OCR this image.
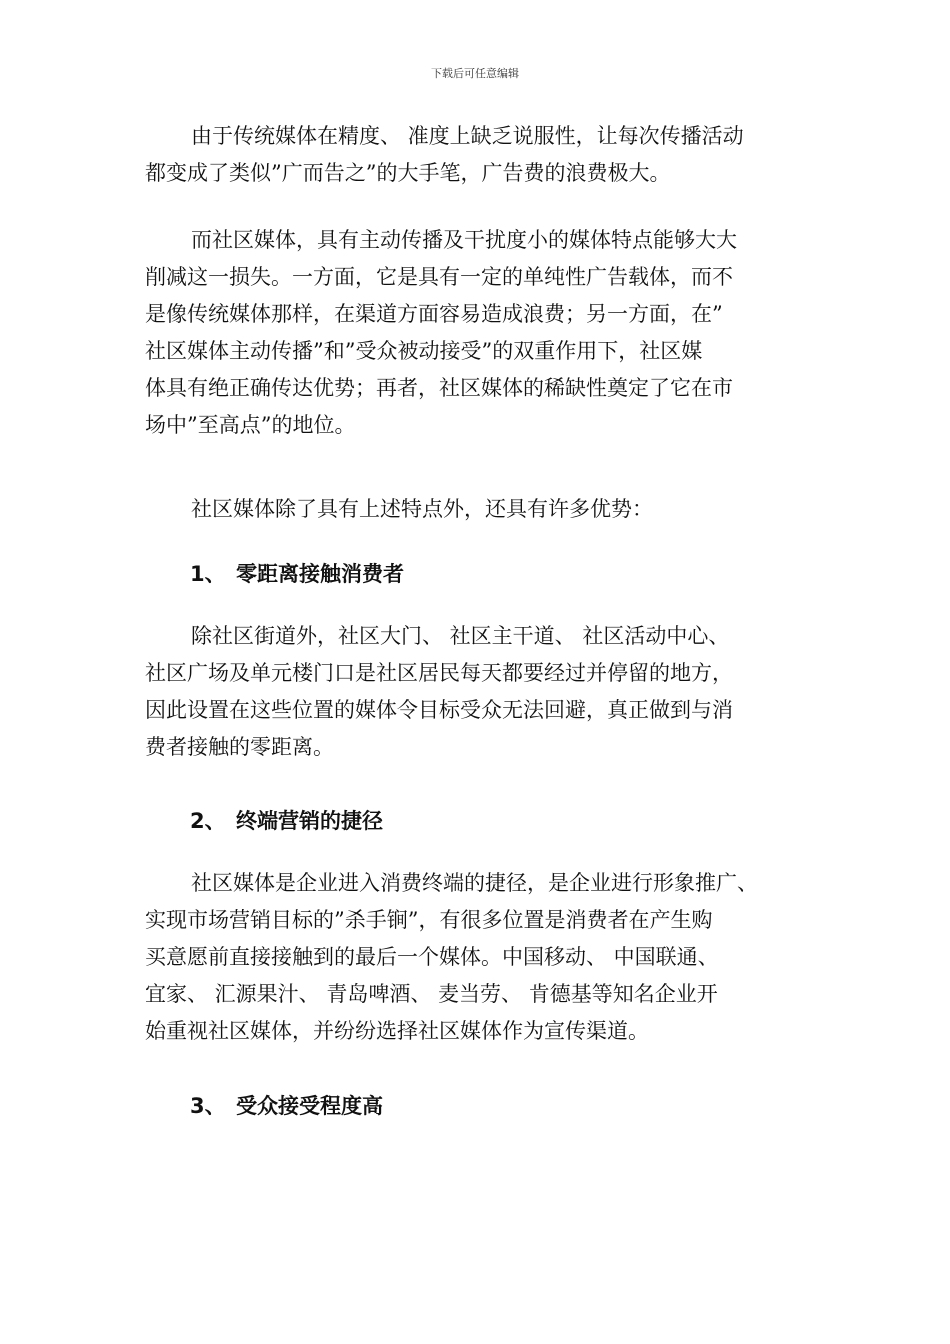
下载后可任意编辑
由于传统媒体在精度、 准度上缺乏说服性，让每次传播活动
都变成了类似”广而告之”的大手笔，广告费的浪费极大。
而社区媒体，具有主动传播及干扰度小的媒体特点能够大大
削减这一损失。一方面，它是具有一定的单纯性广告载体，而不
是像传统媒体那样，在渠道方面容易造成浪费；另一方面，在”
社区媒体主动传播”和”受众被动接受”的双重作用下，社区媒
体具有绝正确传达优势；再者，社区媒体的稀缺性奠定了它在市
场中”至高点”的地位。
社区媒体除了具有上述特点外，还具有许多优势：
1、 零距离接触消费者
除社区街道外，社区大门、 社区主干道、 社区活动中心、
社区广场及单元楼门口是社区居民每天都要经过并停留的地方，
因此设置在这些位置的媒体令目标受众无法回避，真正做到与消
费者接触的零距离。
2、 终端营销的捷径
社区媒体是企业进入消费终端的捷径，是企业进行形象推广、
实现市场营销目标的”杀手锏”，有很多位置是消费者在产生购
买意愿前直接接触到的最后一个媒体。中国移动、 中国联通、
宜家、 汇源果汁、 青岛啤酒、 麦当劳、 肯德基等知名企业开
始重视社区媒体，并纷纷选择社区媒体作为宣传渠道。
3、 受众接受程度高
